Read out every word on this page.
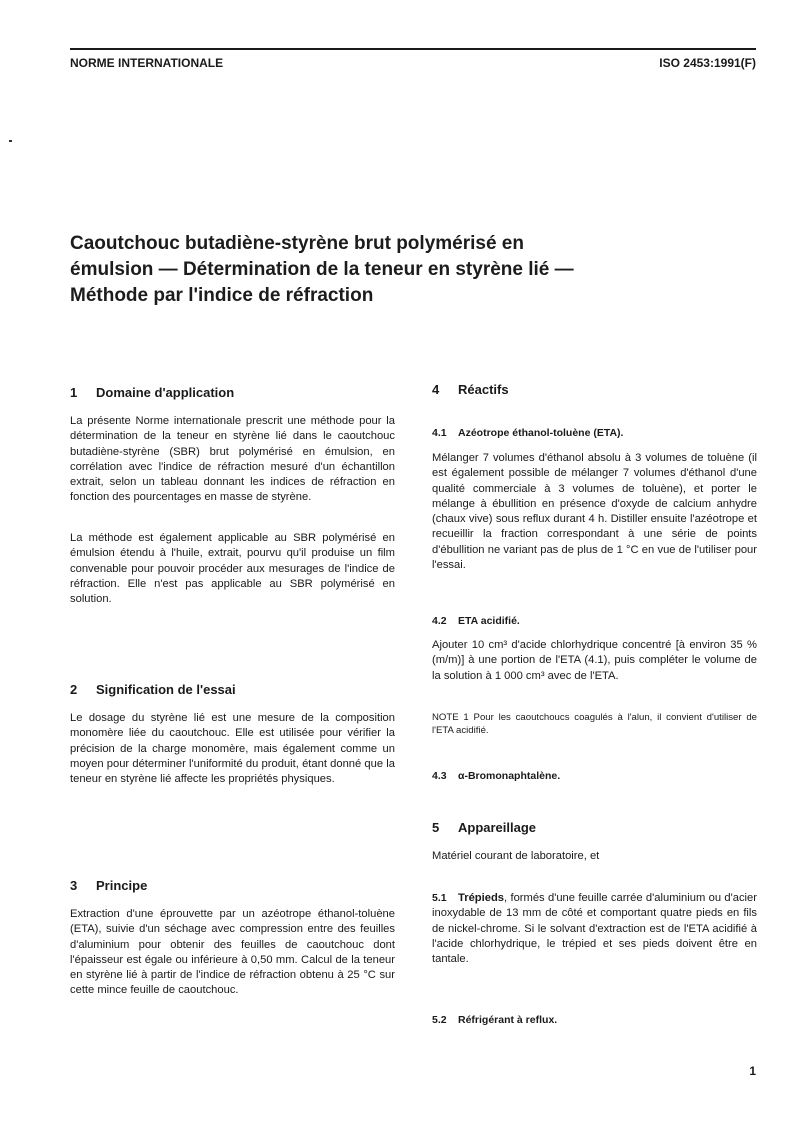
NORME INTERNATIONALE	ISO 2453:1991(F)
Caoutchouc butadiène-styrène brut polymérisé en
émulsion — Détermination de la teneur en styrène lié —
Méthode par l'indice de réfraction
1 Domaine d'application

La présente Norme internationale prescrit une méthode pour la détermination de la teneur en styrène lié dans le caoutchouc butadiène-styrène (SBR) brut polymérisé en émulsion, en corrélation avec l'indice de réfraction mesuré d'un échantillon extrait, selon un tableau donnant les indices de réfraction en fonction des pourcentages en masse de styrène.

La méthode est également applicable au SBR polymérisé en émulsion étendu à l'huile, extrait, pourvu qu'il produise un film convenable pour pouvoir procéder aux mesurages de l'indice de réfraction. Elle n'est pas applicable au SBR polymérisé en solution.

2 Signification de l'essai

Le dosage du styrène lié est une mesure de la composition monomère liée du caoutchouc. Elle est utilisée pour vérifier la précision de la charge monomère, mais également comme un moyen pour déterminer l'uniformité du produit, étant donné que la teneur en styrène lié affecte les propriétés physiques.

3 Principe

Extraction d'une éprouvette par un azéotrope éthanol-toluène (ETA), suivie d'un séchage avec compression entre des feuilles d'aluminium pour obtenir des feuilles de caoutchouc dont l'épaisseur est égale ou inférieure à 0,50 mm. Calcul de la teneur en styrène lié à partir de l'indice de réfraction obtenu à 25 °C sur cette mince feuille de caoutchouc.

4 Réactifs
4.1 Azéotrope éthanol-toluène (ETA).

Mélanger 7 volumes d'éthanol absolu à 3 volumes de toluène (il est également possible de mélanger 7 volumes d'éthanol d'une qualité commerciale à 3 volumes de toluène), et porter le mélange à ébullition en présence d'oxyde de calcium anhydre (chaux vive) sous reflux durant 4 h. Distiller ensuite l'azéotrope et recueillir la fraction correspondant à une série de points d'ébullition ne variant pas de plus de 1 °C en vue de l'utiliser pour l'essai.

4.2 ETA acidifié.

Ajouter 10 cm³ d'acide chlorhydrique concentré [à environ 35 % (m/m)] à une portion de l'ETA (4.1), puis compléter le volume de la solution à 1 000 cm³ avec de l'ETA.

NOTE 1 Pour les caoutchoucs coagulés à l'alun, il convient d'utiliser de l'ETA acidifié.

4.3 α-Bromonaphtalène.
5 Appareillage

Matériel courant de laboratoire, et

5.1 Trépieds, formés d'une feuille carrée d'aluminium ou d'acier inoxydable de 13 mm de côté et comportant quatre pieds en fils de nickel-chrome. Si le solvant d'extraction est de l'ETA acidifié à l'acide chlorhydrique, le trépied et ses pieds doivent être en tantale.

5.2 Réfrigérant à reflux.
1
